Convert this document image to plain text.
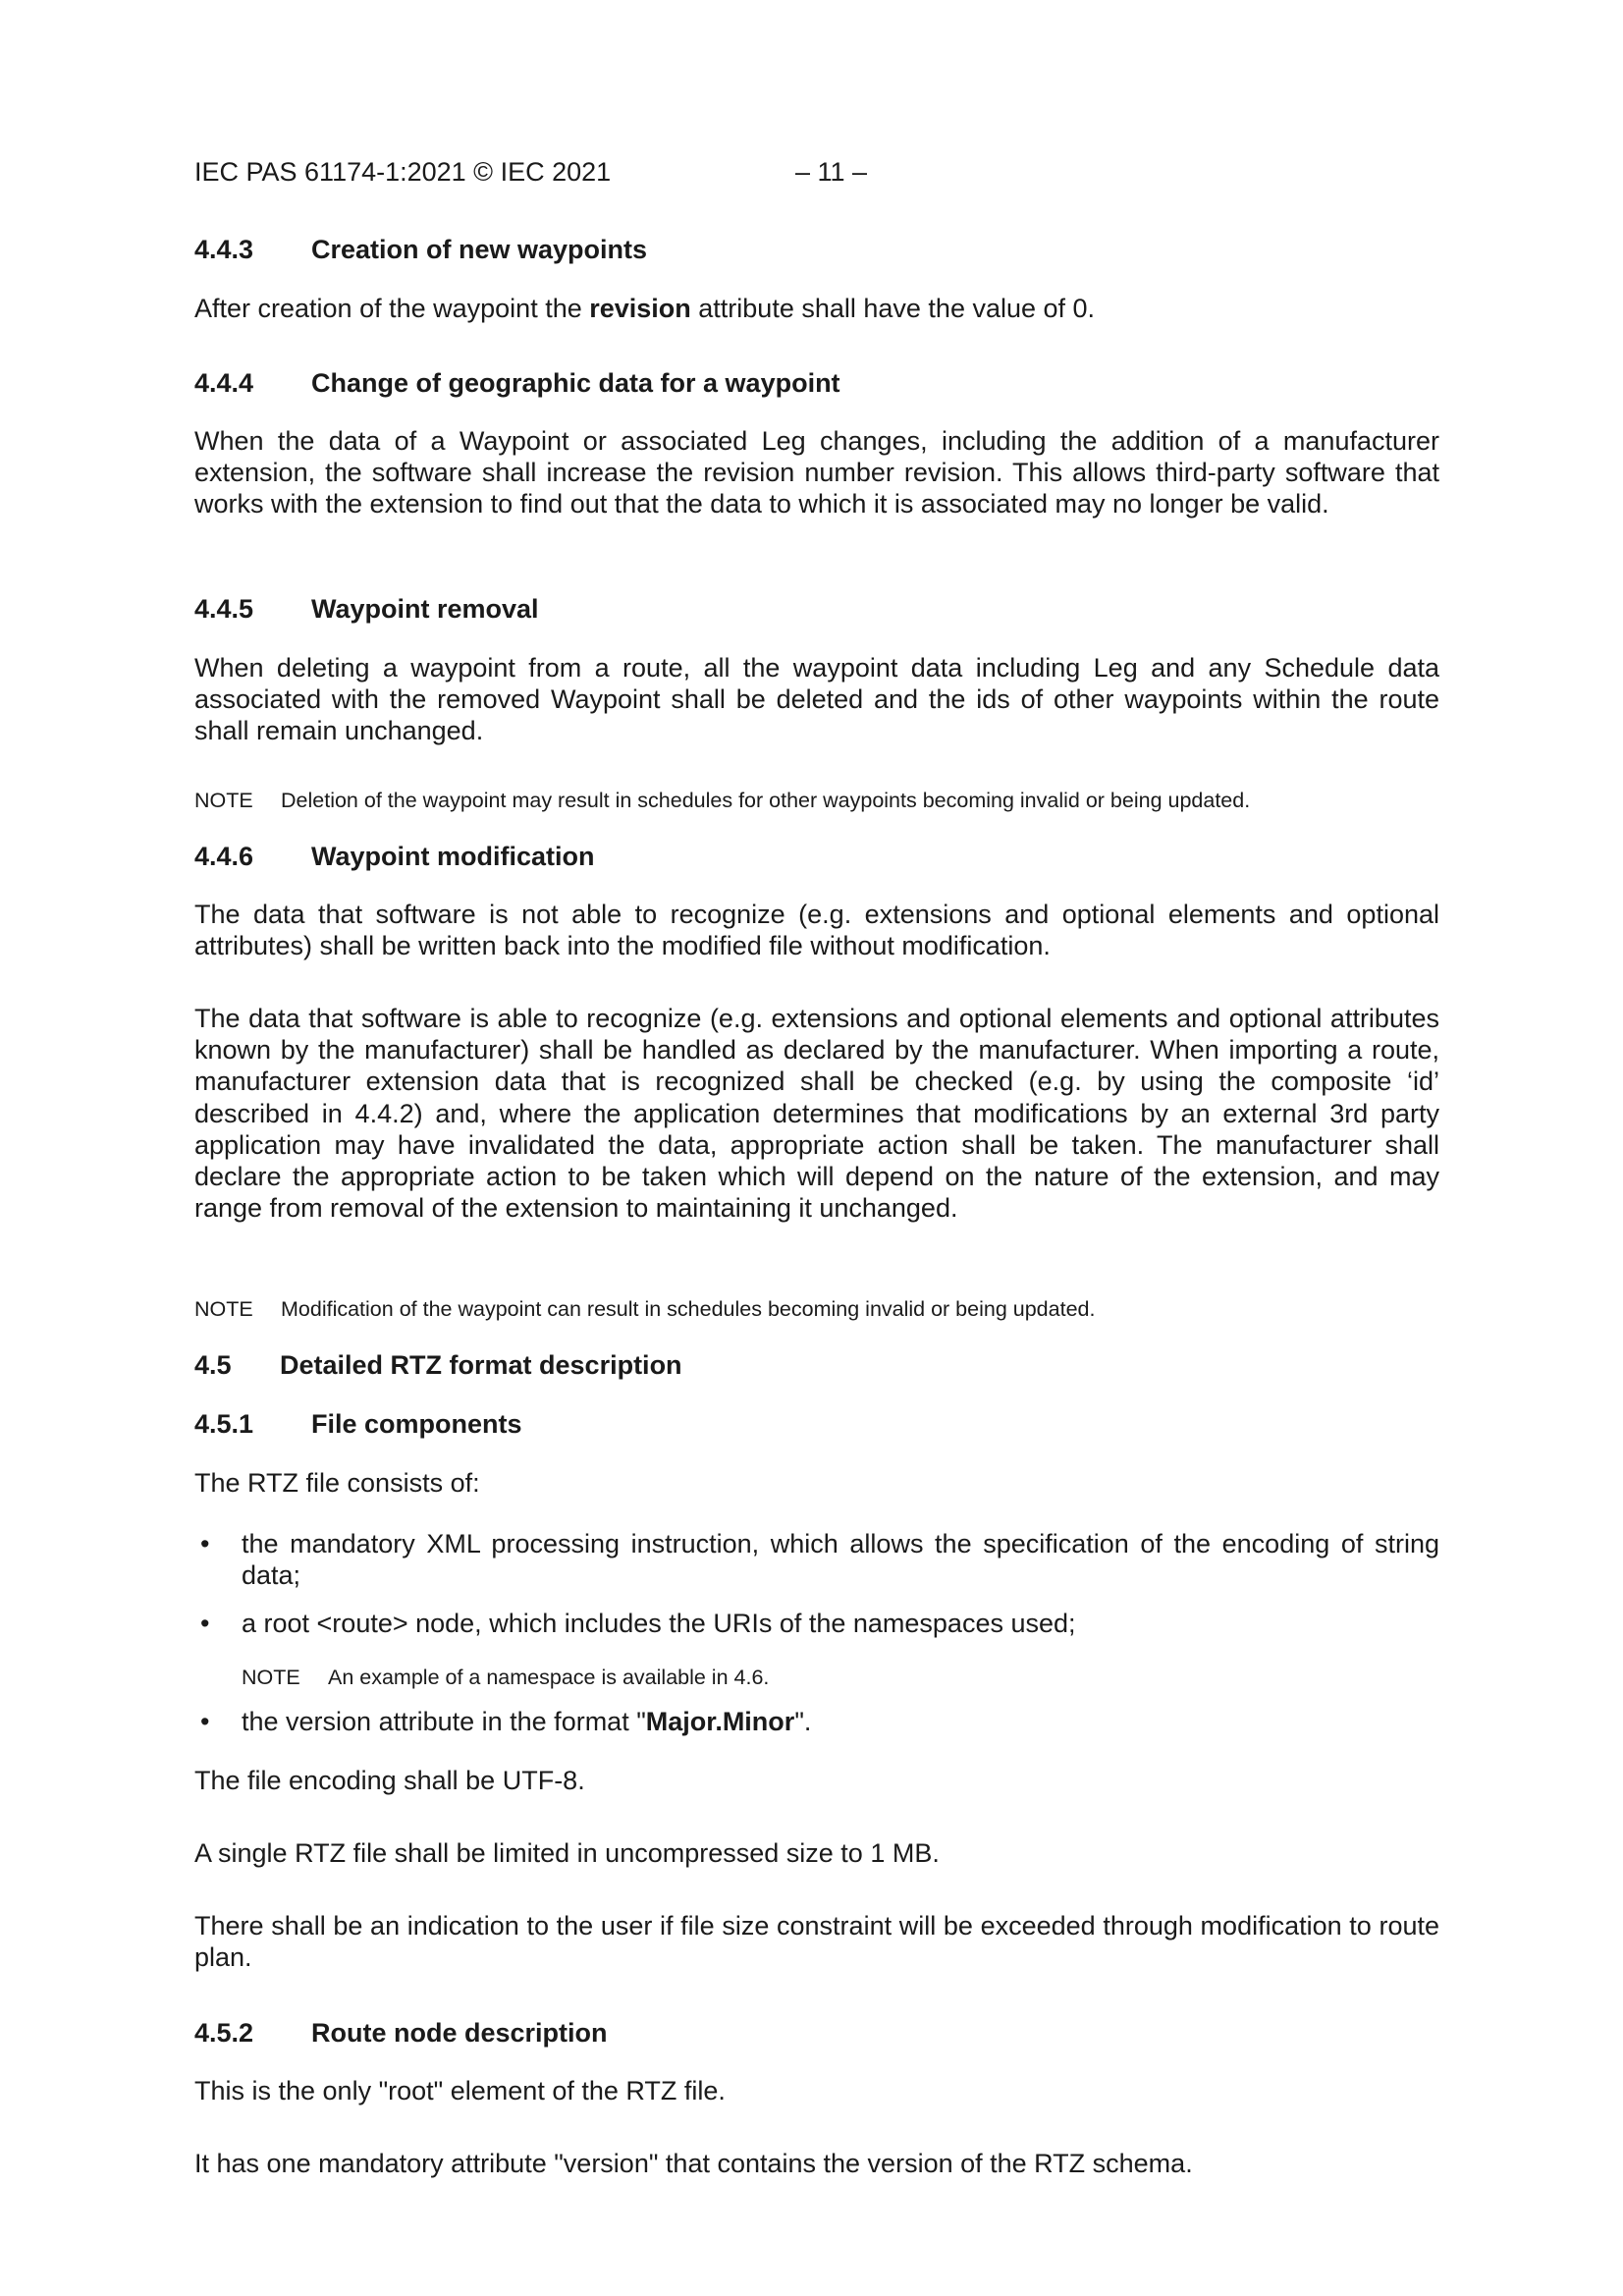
IEC PAS 61174-1:2021 © IEC 2021	– 11 –
4.4.3 Creation of new waypoints
After creation of the waypoint the revision attribute shall have the value of 0.
4.4.4 Change of geographic data for a waypoint
When the data of a Waypoint or associated Leg changes, including the addition of a manufacturer extension, the software shall increase the revision number revision. This allows third-party software that works with the extension to find out that the data to which it is associated may no longer be valid.
4.4.5 Waypoint removal
When deleting a waypoint from a route, all the waypoint data including Leg and any Schedule data associated with the removed Waypoint shall be deleted and the ids of other waypoints within the route shall remain unchanged.
NOTE Deletion of the waypoint may result in schedules for other waypoints becoming invalid or being updated.
4.4.6 Waypoint modification
The data that software is not able to recognize (e.g. extensions and optional elements and optional attributes) shall be written back into the modified file without modification.
The data that software is able to recognize (e.g. extensions and optional elements and optional attributes known by the manufacturer) shall be handled as declared by the manufacturer. When importing a route, manufacturer extension data that is recognized shall be checked (e.g. by using the composite ‘id’ described in 4.4.2) and, where the application determines that modifications by an external 3rd party application may have invalidated the data, appropriate action shall be taken. The manufacturer shall declare the appropriate action to be taken which will depend on the nature of the extension, and may range from removal of the extension to maintaining it unchanged.
NOTE Modification of the waypoint can result in schedules becoming invalid or being updated.
4.5 Detailed RTZ format description
4.5.1 File components
The RTZ file consists of:
• the mandatory XML processing instruction, which allows the specification of the encoding of string data;
• a root <route> node, which includes the URIs of the namespaces used;
NOTE An example of a namespace is available in 4.6.
• the version attribute in the format "Major.Minor".
The file encoding shall be UTF-8.
A single RTZ file shall be limited in uncompressed size to 1 MB.
There shall be an indication to the user if file size constraint will be exceeded through modification to route plan.
4.5.2 Route node description
This is the only "root" element of the RTZ file.
It has one mandatory attribute "version" that contains the version of the RTZ schema.
